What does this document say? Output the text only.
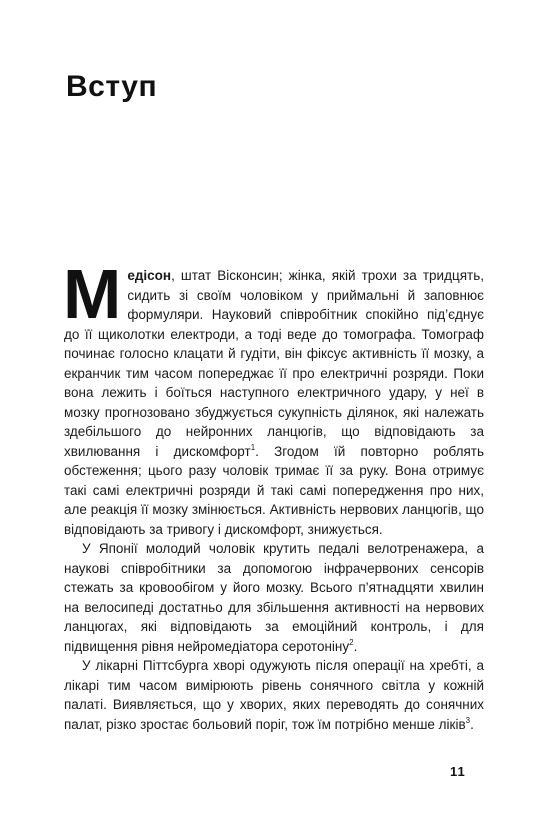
Вступ

Медісон, штат Вісконсин; жінка, якій трохи за тридцять, сидить зі своїм чоловіком у приймальні й заповнює формуляри. Науковий співробітник спокійно під’єднує до її щиколотки електроди, а тоді веде до томографа. Томограф починає голосно клацати й гудіти, він фіксує активність її мозку, а екранчик тим часом попереджає її про електричні розряди. Поки вона лежить і боїться наступного електричного удару, у неї в мозку прогнозовано збуджується сукупність ділянок, які належать здебільшого до нейронних ланцюгів, що відповідають за хвилювання і дискомфорт$^1$. Згодом їй повторно роблять обстеження; цього разу чоловік тримає її за руку. Вона отримує такі самі електричні розряди й такі самі попередження про них, але реакція її мозку змінюється. Активність нервових ланцюгів, що відповідають за тривогу і дискомфорт, знижується.

У Японії молодий чоловік крутить педалі велотренажера, а наукові співробітники за допомогою інфрачервоних сенсорів стежать за кровообігом у його мозку. Всього п’ятнадцяти хвилин на велосипеді достатньо для збільшення активності на нервових ланцюгах, які відповідають за емоційний контроль, і для підвищення рівня нейромедіатора серотоніну$^2$.

У лікарні Піттсбурга хворі одужують після операції на хребті, а лікарі тим часом вимірюють рівень сонячного світла у кожній палаті. Виявляється, що у хворих, яких переводять до сонячних палат, різко зростає больовий поріг, тож їм потрібно менше ліків$^3$.

11
